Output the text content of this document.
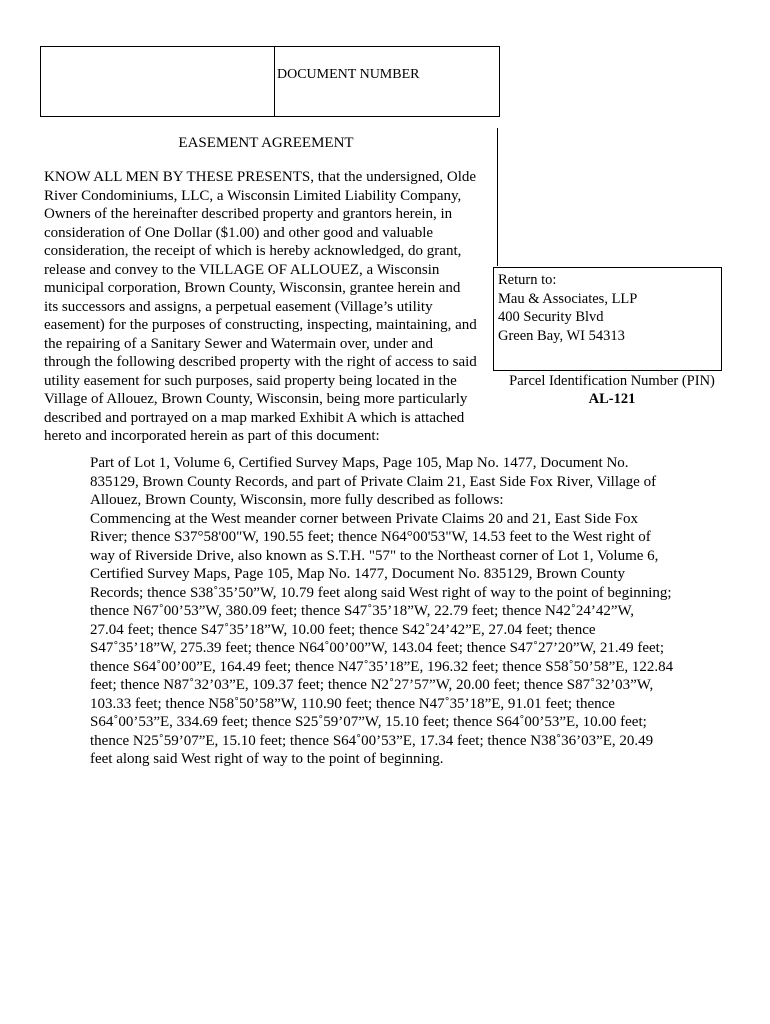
DOCUMENT NUMBER
EASEMENT AGREEMENT

KNOW ALL MEN BY THESE PRESENTS, that the undersigned, Olde
River Condominiums, LLC, a Wisconsin Limited Liability Company,
Owners of the hereinafter described property and grantors herein, in
consideration of One Dollar ($1.00) and other good and valuable
consideration, the receipt of which is hereby acknowledged, do grant,
release and convey to the VILLAGE OF ALLOUEZ, a Wisconsin
municipal corporation, Brown County, Wisconsin, grantee herein and
its successors and assigns, a perpetual easement (Village’s utility
easement) for the purposes of constructing, inspecting, maintaining, and
the repairing of a Sanitary Sewer and Watermain over, under and
through the following described property with the right of access to said
utility easement for such purposes, said property being located in the
Village of Allouez, Brown County, Wisconsin, being more particularly
described and portrayed on a map marked Exhibit A which is attached
hereto and incorporated herein as part of this document:

Return to:
Mau & Associates, LLP
400 Security Blvd
Green Bay, WI 54313
Parcel Identification Number (PIN)
AL-121

Part of Lot 1, Volume 6, Certified Survey Maps, Page 105, Map No. 1477, Document No.
835129, Brown County Records, and part of Private Claim 21, East Side Fox River, Village of
Allouez, Brown County, Wisconsin, more fully described as follows:
Commencing at the West meander corner between Private Claims 20 and 21, East Side Fox
River; thence S37°58'00"W, 190.55 feet; thence N64°00'53"W, 14.53 feet to the West right of
way of Riverside Drive, also known as S.T.H. "57" to the Northeast corner of Lot 1, Volume 6,
Certified Survey Maps, Page 105, Map No. 1477, Document No. 835129, Brown County
Records; thence S38˚35’50”W, 10.79 feet along said West right of way to the point of beginning;
thence N67˚00’53”W, 380.09 feet; thence S47˚35’18”W, 22.79 feet; thence N42˚24’42”W,
27.04 feet; thence S47˚35’18”W, 10.00 feet; thence S42˚24’42”E, 27.04 feet; thence
S47˚35’18”W, 275.39 feet; thence N64˚00’00”W, 143.04 feet; thence S47˚27’20”W, 21.49 feet;
thence S64˚00’00”E, 164.49 feet; thence N47˚35’18”E, 196.32 feet; thence S58˚50’58”E, 122.84
feet; thence N87˚32’03”E, 109.37 feet; thence N2˚27’57”W, 20.00 feet; thence S87˚32’03”W,
103.33 feet; thence N58˚50’58”W, 110.90 feet; thence N47˚35’18”E, 91.01 feet; thence
S64˚00’53”E, 334.69 feet; thence S25˚59’07”W, 15.10 feet; thence S64˚00’53”E, 10.00 feet;
thence N25˚59’07”E, 15.10 feet; thence S64˚00’53”E, 17.34 feet; thence N38˚36’03”E, 20.49
feet along said West right of way to the point of beginning.
